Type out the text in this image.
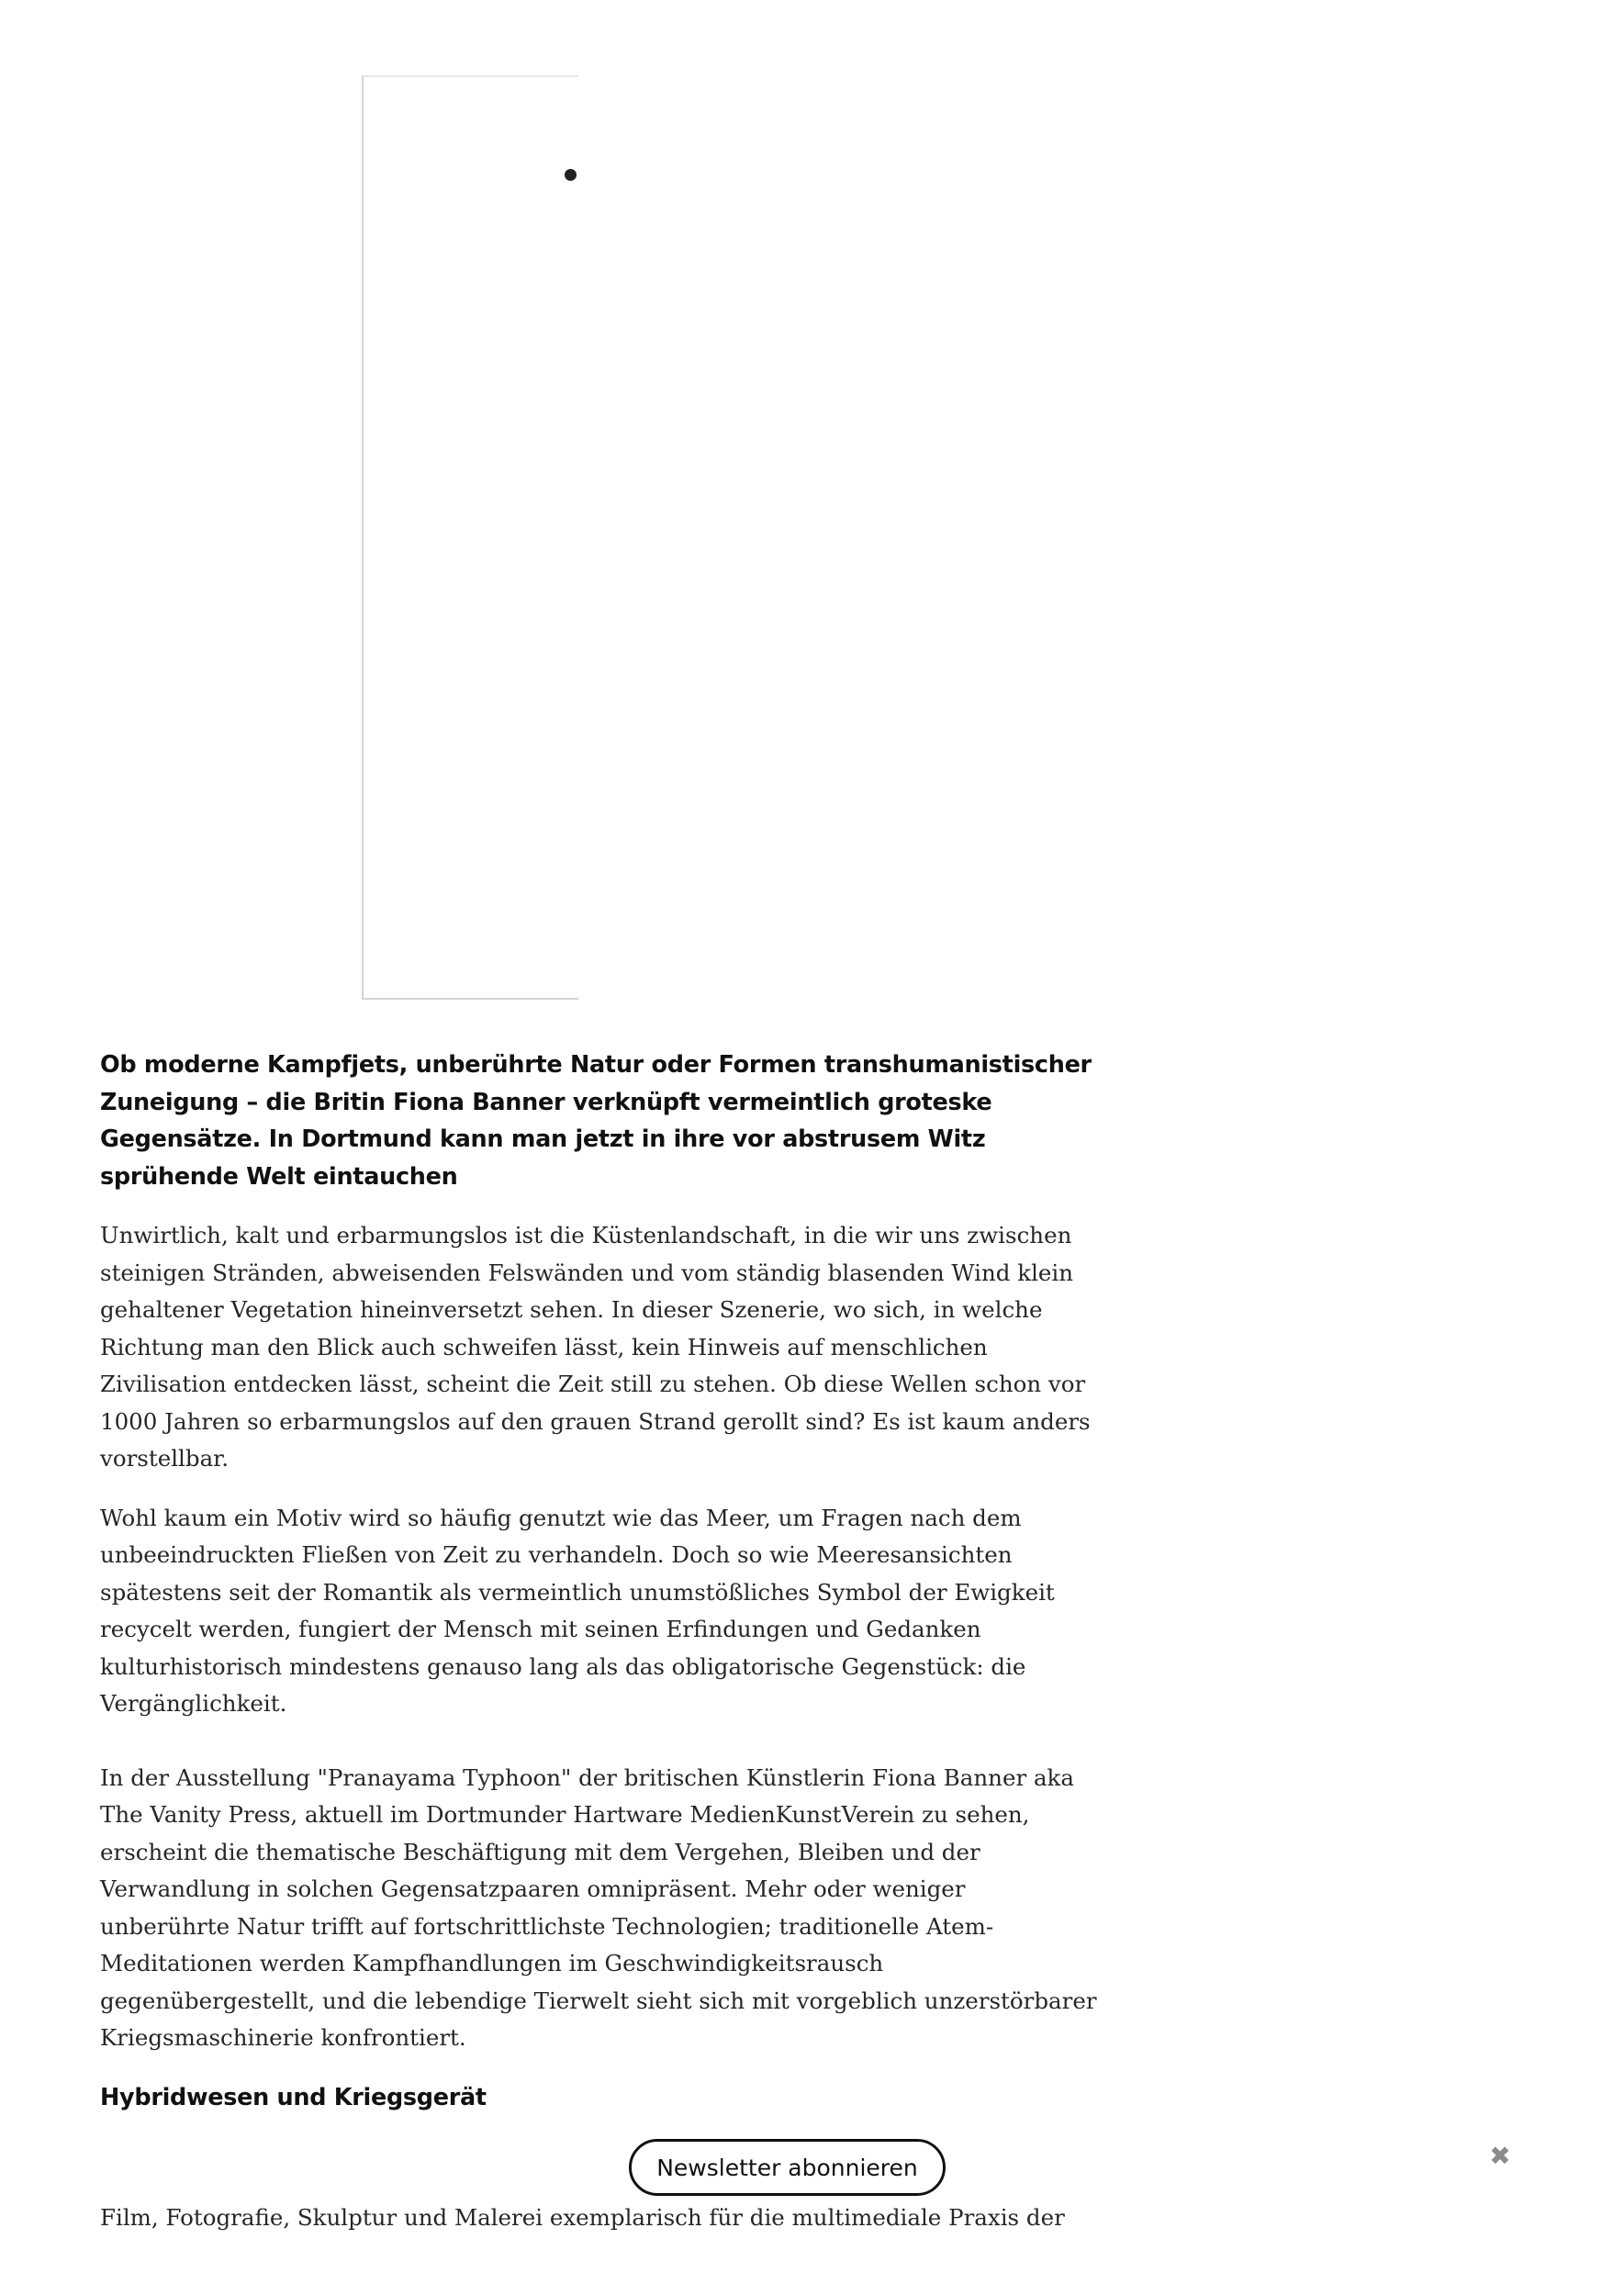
Ob moderne Kampfjets, unberührte Natur oder Formen transhumanistischer Zuneigung – die Britin Fiona Banner verknüpft vermeintlich groteske Gegensätze. In Dortmund kann man jetzt in ihre vor abstrusem Witz sprühende Welt eintauchen

Unwirtlich, kalt und erbarmungslos ist die Küstenlandschaft, in die wir uns zwischen steinigen Stränden, abweisenden Felswänden und vom ständig blasenden Wind klein gehaltener Vegetation hineinversetzt sehen. In dieser Szenerie, wo sich, in welche Richtung man den Blick auch schweifen lässt, kein Hinweis auf menschlichen Zivilisation entdecken lässt, scheint die Zeit still zu stehen. Ob diese Wellen schon vor 1000 Jahren so erbarmungslos auf den grauen Strand gerollt sind? Es ist kaum anders vorstellbar.

Wohl kaum ein Motiv wird so häufig genutzt wie das Meer, um Fragen nach dem unbeeindruckten Fließen von Zeit zu verhandeln. Doch so wie Meeresansichten spätestens seit der Romantik als vermeintlich unumstößliches Symbol der Ewigkeit recycelt werden, fungiert der Mensch mit seinen Erfindungen und Gedanken kulturhistorisch mindestens genauso lang als das obligatorische Gegenstück: die Vergänglichkeit.

In der Ausstellung "Pranayama Typhoon" der britischen Künstlerin Fiona Banner aka The Vanity Press, aktuell im Dortmunder Hartware MedienKunstVerein zu sehen, erscheint die thematische Beschäftigung mit dem Vergehen, Bleiben und der Verwandlung in solchen Gegensatzpaaren omnipräsent. Mehr oder weniger unberührte Natur trifft auf fortschrittlichste Technologien; traditionelle Atem-Meditationen werden Kampfhandlungen im Geschwindigkeitsrausch gegenübergestellt, und die lebendige Tierwelt sieht sich mit vorgeblich unzerstörbarer Kriegsmaschinerie konfrontiert.

Hybridwesen und Kriegsgerät

Film, Fotografie, Skulptur und Malerei exemplarisch für die multimediale Praxis der

Newsletter abonnieren	✖
